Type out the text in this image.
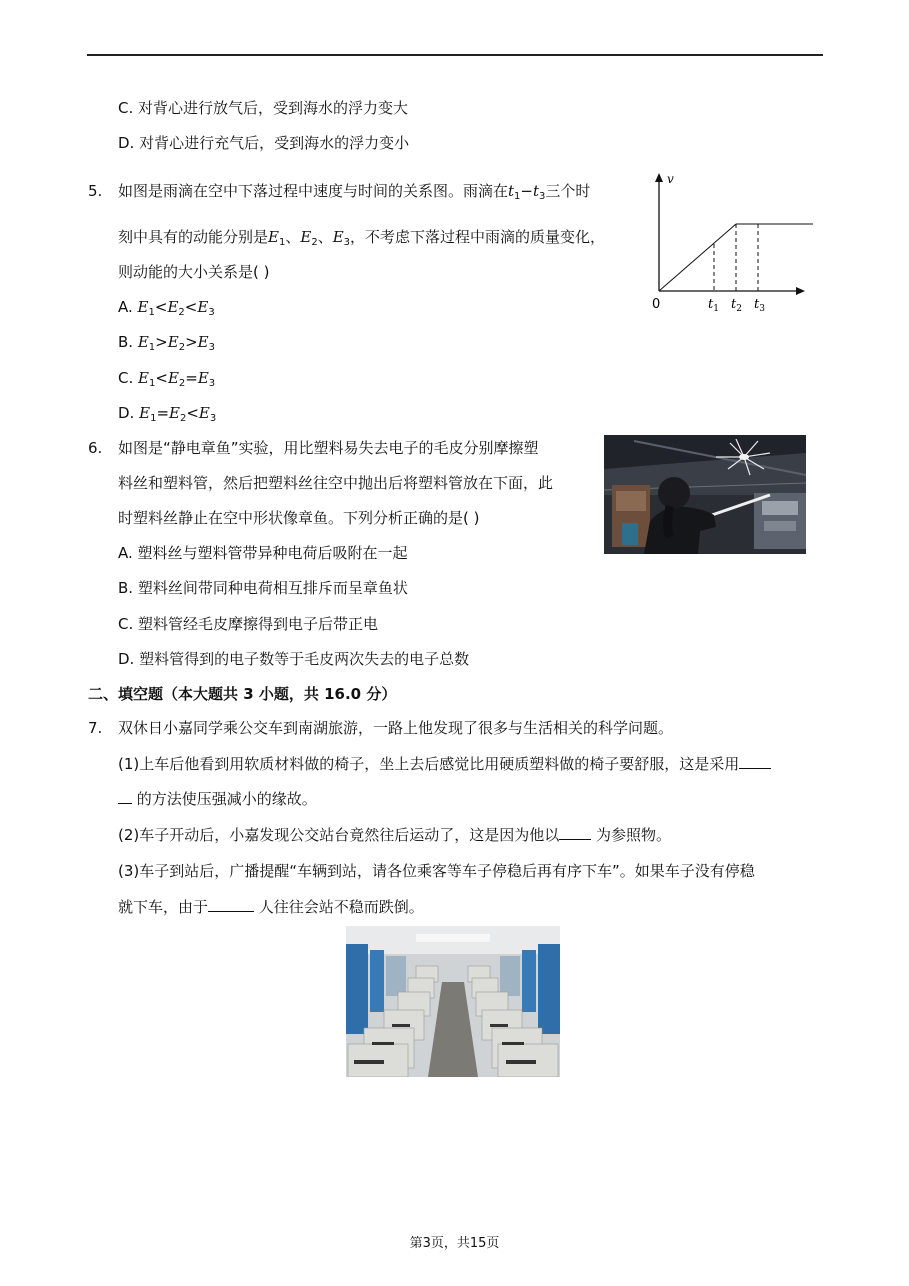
C. 对背心进行放气后，受到海水的浮力变大
D. 对背心进行充气后，受到海水的浮力变小
5. 如图是雨滴在空中下落过程中速度与时间的关系图。雨滴在$t_1-t_3$三个时
刻中具有的动能分别是$E_1$、$E_2$、$E_3$，不考虑下落过程中雨滴的质量变化，
则动能的大小关系是( )
A. $E_1<E_2<E_3$
B. $E_1>E_2>E_3$
C. $E_1<E_2=E_3$
D. $E_1=E_2<E_3$
v
0	$t_1$ $t_2$ $t_3$
6. 如图是“静电章鱼”实验，用比塑料易失去电子的毛皮分别摩擦塑
料丝和塑料管，然后把塑料丝往空中抛出后将塑料管放在下面，此
时塑料丝静止在空中形状像章鱼。下列分析正确的是( )
A. 塑料丝与塑料管带异种电荷后吸附在一起
B. 塑料丝间带同种电荷相互排斥而呈章鱼状
C. 塑料管经毛皮摩擦得到电子后带正电
D. 塑料管得到的电子数等于毛皮两次失去的电子总数
二、填空题（本大题共 3 小题，共 16.0 分）
7. 双休日小嘉同学乘公交车到南湖旅游，一路上他发现了很多与生活相关的科学问题。
(1)上车后他看到用软质材料做的椅子，坐上去后感觉比用硬质塑料做的椅子要舒服，这是采用
的方法使压强减小的缘故。
(2)车子开动后，小嘉发现公交站台竟然往后运动了，这是因为他以 为参照物。
(3)车子到站后，广播提醒“车辆到站，请各位乘客等车子停稳后再有序下车”。如果车子没有停稳
就下车，由于	人往往会站不稳而跌倒。
第3页，共15页
